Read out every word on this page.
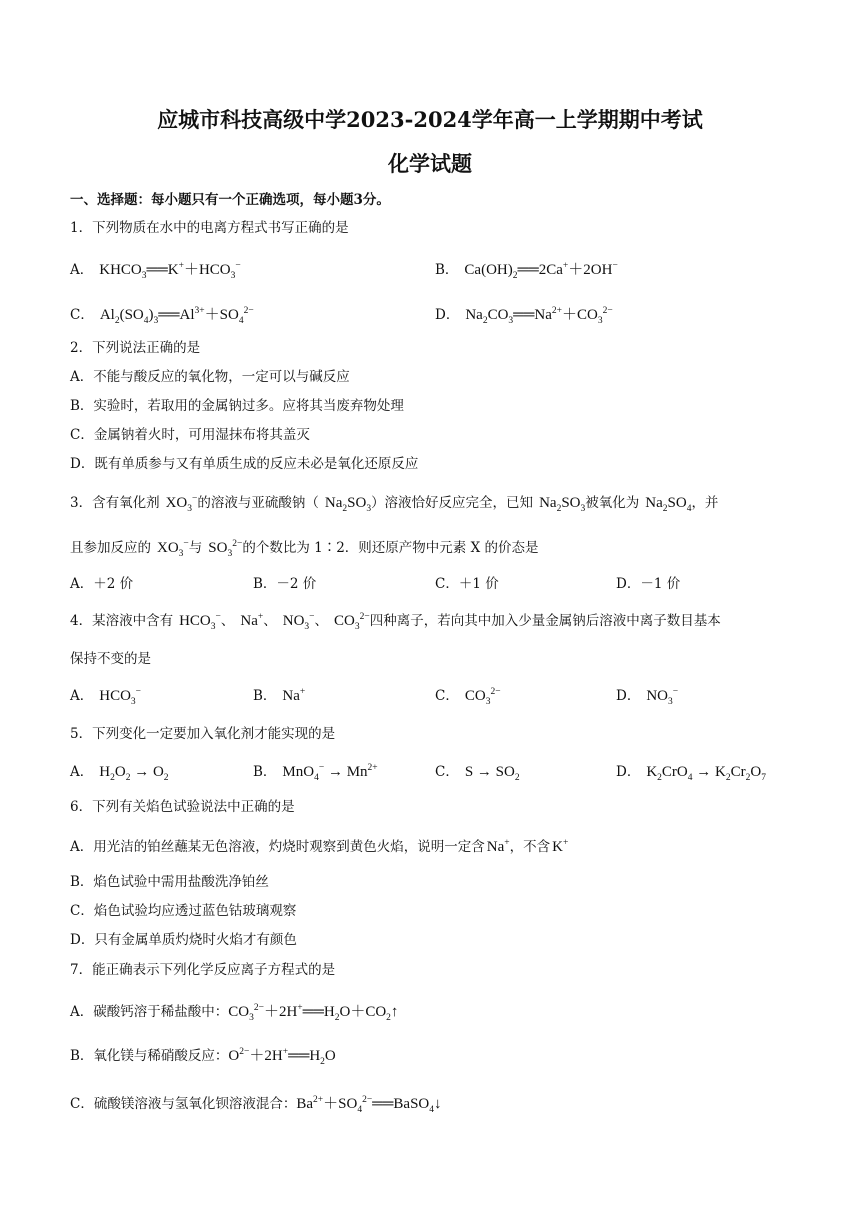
应城市科技高级中学2023-2024学年高一上学期期中考试
化学试题
一、选择题：每小题只有一个正确选项，每小题3分。
1．下列物质在水中的电离方程式书写正确的是
A． $KHCO_3══K^++HCO_3^-$	B． $Ca(OH)_2══2Ca^++2OH^-$
C． $Al_2(SO_4)_3══Al^{3+}+SO_4^{2-}$	D． $Na_2CO_3══Na^{2+}+CO_3^{2-}$
2．下列说法正确的是
A．不能与酸反应的氧化物，一定可以与碱反应
B．实验时，若取用的金属钠过多。应将其当废弃物处理
C．金属钠着火时，可用湿抹布将其盖灭
D．既有单质参与又有单质生成的反应未必是氧化还原反应
3．含有氧化剂 $XO_3^-$的溶液与亚硫酸钠（ $Na_2SO_3$）溶液恰好反应完全，已知 $Na_2SO_3$被氧化为 $Na_2SO_4$，并
且参加反应的 $XO_3^-$与 $SO_3^{2-}$的个数比为 1∶2．则还原产物中元素 X 的价态是
A．＋2 价	B．－2 价	C．＋1 价	D．－1 价
4．某溶液中含有 $HCO_3^-$、 Na+、 $NO_3^-$、 $CO_3^{2-}$四种离子，若向其中加入少量金属钠后溶液中离子数目基本
保持不变的是
A． $HCO_3^-$	B． Na+	C． $CO_3^{2-}$	D． $NO_3^-$
5．下列变化一定要加入氧化剂才能实现的是
A． $H_2O_2 \to O_2$	B． $MnO_4^- \to Mn^{2+}$	C． $S \to SO_2$	D． $K_2CrO_4 \to K_2Cr_2O_7$
6．下列有关焰色试验说法中正确的是
A．用光洁的铂丝蘸某无色溶液，灼烧时观察到黄色火焰，说明一定含 Na+，不含 K+
B．焰色试验中需用盐酸洗净铂丝
C．焰色试验均应透过蓝色钴玻璃观察
D．只有金属单质灼烧时火焰才有颜色
7．能正确表示下列化学反应离子方程式的是
A．碳酸钙溶于稀盐酸中：$CO_3^{2-}+2H^+══H_2O+CO_2↑$
B．氧化镁与稀硝酸反应：$O^{2-}+2H^+══H_2O$
C．硫酸镁溶液与氢氧化钡溶液混合：$Ba^{2+}+SO_4^{2-}══BaSO_4↓$
